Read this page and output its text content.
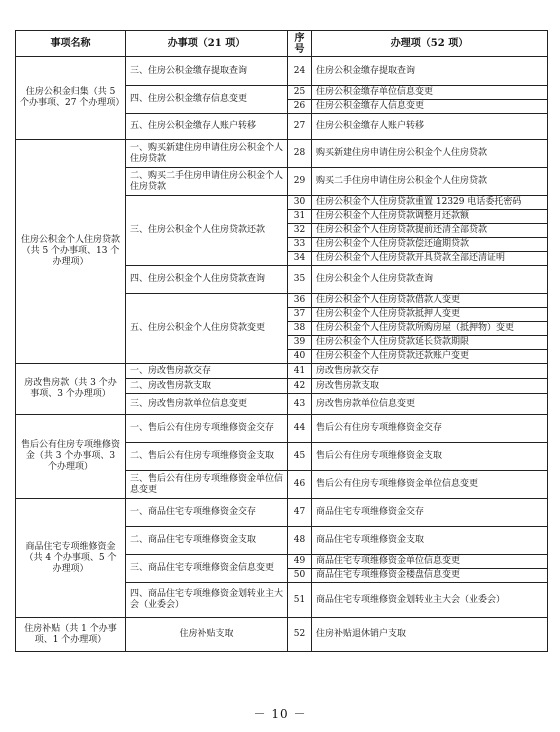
事项名称	办事项（21 项）	序号	办理项（52 项）
住房公积金归集（共 5 个办事项、27 个办理项）	三、住房公积金缴存提取查询	24	住房公积金缴存提取查询
	四、住房公积金缴存信息变更	25	住房公积金缴存单位信息变更
		26	住房公积金缴存人信息变更
	五、住房公积金缴存人账户转移	27	住房公积金缴存人账户转移
住房公积金个人住房贷款（共 5 个办事项、13 个办理项）	一、购买新建住房申请住房公积金个人住房贷款	28	购买新建住房申请住房公积金个人住房贷款
	二、购买二手住房申请住房公积金个人住房贷款	29	购买二手住房申请住房公积金个人住房贷款
	三、住房公积金个人住房贷款还款	30	住房公积金个人住房贷款重置 12329 电话委托密码
		31	住房公积金个人住房贷款调整月还款额
		32	住房公积金个人住房贷款提前还清全部贷款
		33	住房公积金个人住房贷款偿还逾期贷款
		34	住房公积金个人住房贷款开具贷款全部还清证明
	四、住房公积金个人住房贷款查询	35	住房公积金个人住房贷款查询
	五、住房公积金个人住房贷款变更	36	住房公积金个人住房贷款借款人变更
		37	住房公积金个人住房贷款抵押人变更
		38	住房公积金个人住房贷款所购房屋（抵押物）变更
		39	住房公积金个人住房贷款延长贷款期限
		40	住房公积金个人住房贷款还款账户变更
房改售房款（共 3 个办事项、3 个办理项）	一、房改售房款交存	41	房改售房款交存
	二、房改售房款支取	42	房改售房款支取
	三、房改售房款单位信息变更	43	房改售房款单位信息变更
售后公有住房专项维修资金（共 3 个办事项、3 个办理项）	一、售后公有住房专项维修资金交存	44	售后公有住房专项维修资金交存
	二、售后公有住房专项维修资金支取	45	售后公有住房专项维修资金支取
	三、售后公有住房专项维修资金单位信息变更	46	售后公有住房专项维修资金单位信息变更
商品住宅专项维修资金（共 4 个办事项、5 个办理项）	一、商品住宅专项维修资金交存	47	商品住宅专项维修资金交存
	二、商品住宅专项维修资金支取	48	商品住宅专项维修资金支取
	三、商品住宅专项维修资金信息变更	49	商品住宅专项维修资金单位信息变更
		50	商品住宅专项维修资金楼盘信息变更
	四、商品住宅专项维修资金划转业主大会（业委会）	51	商品住宅专项维修资金划转业主大会（业委会）
住房补贴（共 1 个办事项、1 个办理项）	住房补贴支取	52	住房补贴退休销户支取
－ 10 －
